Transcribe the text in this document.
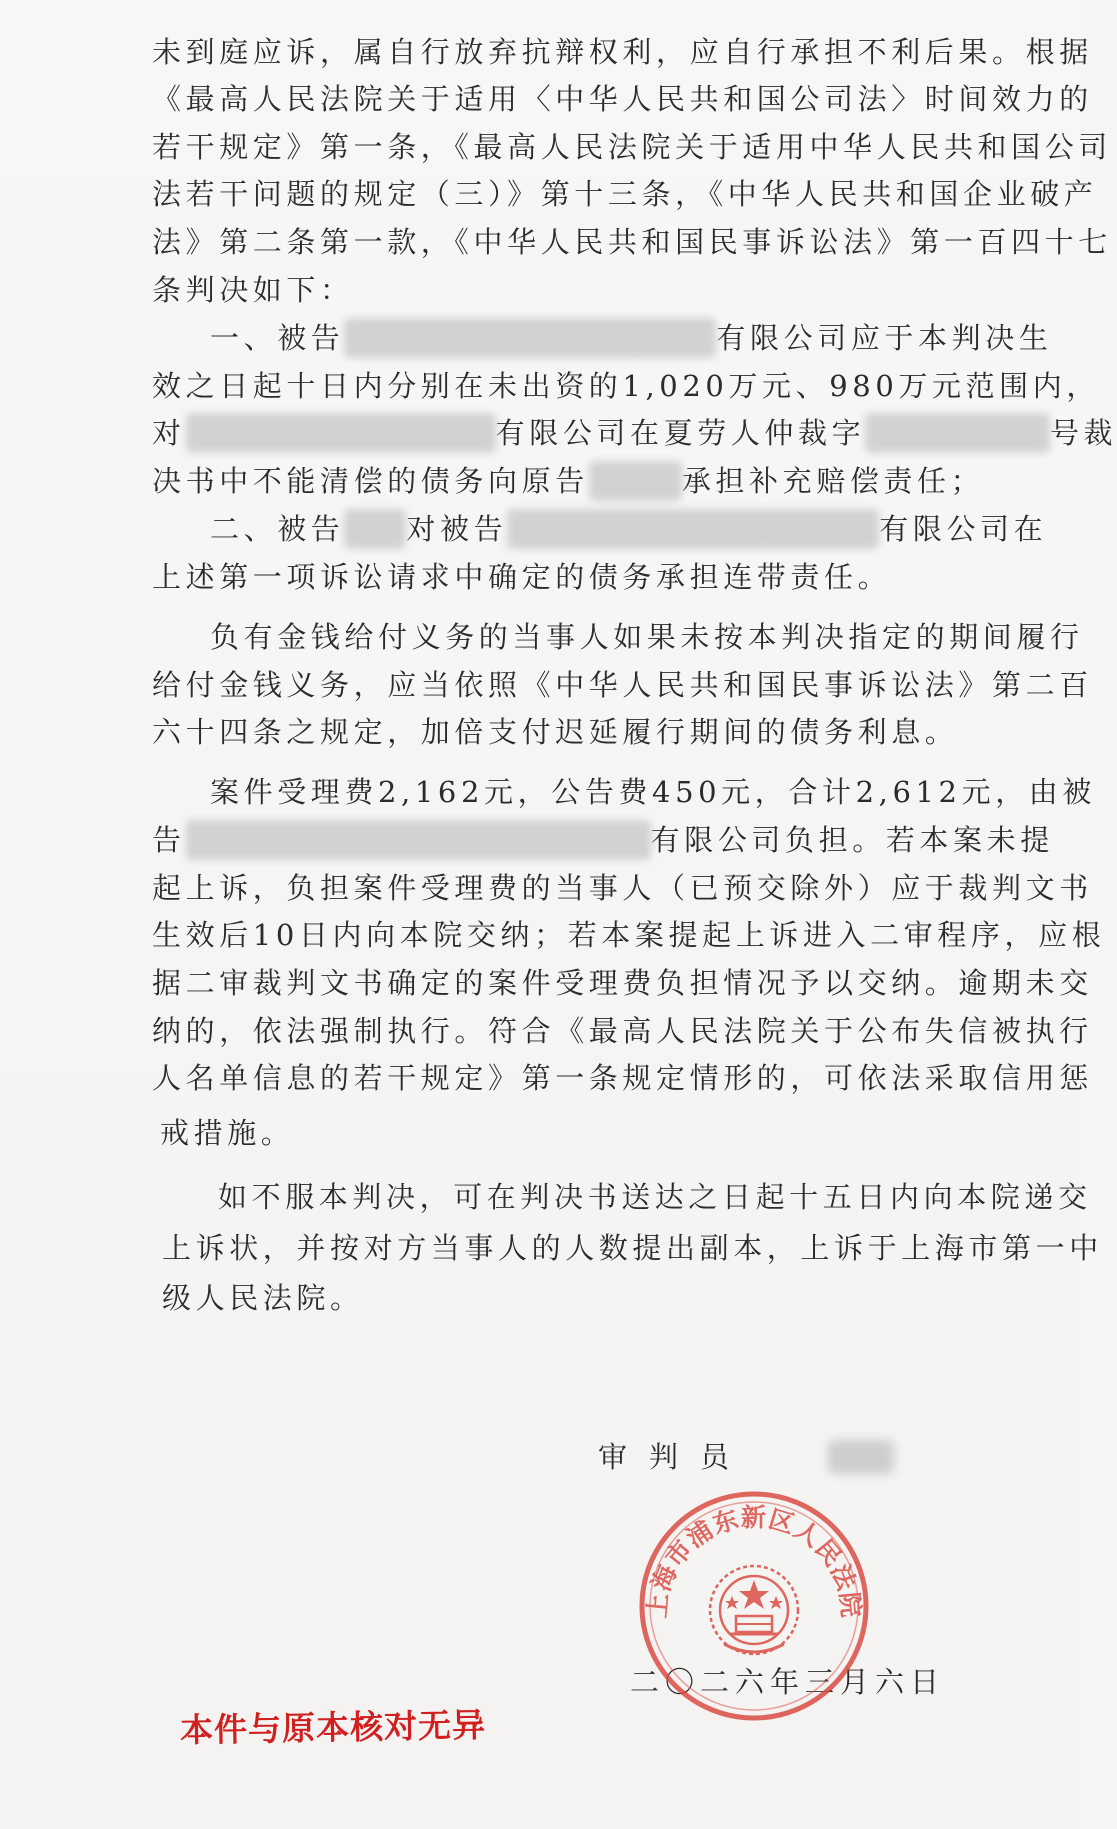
未到庭应诉，属自行放弃抗辩权利，应自行承担不利后果。根据
《最高人民法院关于适用〈中华人民共和国公司法〉时间效力的
若干规定》第一条，《最高人民法院关于适用中华人民共和国公司
法若干问题的规定（三）》第十三条，《中华人民共和国企业破产
法》第二条第一款，《中华人民共和国民事诉讼法》第一百四十七
条判决如下：
一、被告	有限公司应于本判决生
效之日起十日内分别在未出资的1,020万元、980万元范围内，
对	有限公司在夏劳人仲裁字	号裁
决书中不能清偿的债务向原告	承担补充赔偿责任；
二、被告 对被告	有限公司在
上述第一项诉讼请求中确定的债务承担连带责任。
负有金钱给付义务的当事人如果未按本判决指定的期间履行
给付金钱义务，应当依照《中华人民共和国民事诉讼法》第二百
六十四条之规定，加倍支付迟延履行期间的债务利息。
案件受理费2,162元，公告费450元，合计2,612元，由被
告	有限公司负担。若本案未提
起上诉，负担案件受理费的当事人（已预交除外）应于裁判文书
生效后10日内向本院交纳；若本案提起上诉进入二审程序，应根
据二审裁判文书确定的案件受理费负担情况予以交纳。逾期未交
纳的，依法强制执行。符合《最高人民法院关于公布失信被执行
人名单信息的若干规定》第一条规定情形的，可依法采取信用惩
戒措施。
如不服本判决，可在判决书送达之日起十五日内向本院递交
上诉状，并按对方当事人的人数提出副本，上诉于上海市第一中
级人民法院。
审判员
上海市浦东新区人民法院
二〇二六年三月六日
本件与原本核对无异
